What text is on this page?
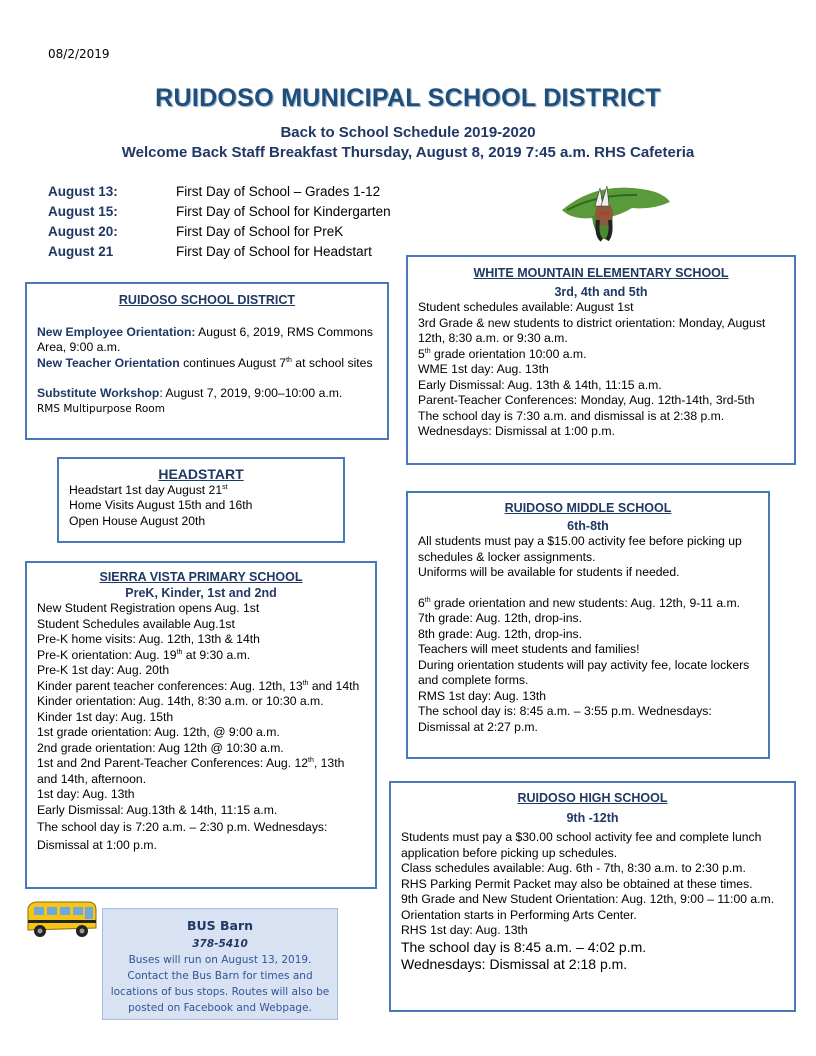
08/2/2019
RUIDOSO MUNICIPAL SCHOOL DISTRICT
Back to School Schedule 2019-2020
Welcome Back Staff Breakfast Thursday, August 8, 2019 7:45 a.m. RHS Cafeteria
August 13:	First Day of School – Grades 1-12
August 15:	First Day of School for Kindergarten
August 20:	First Day of School for PreK
August 21	First Day of School for Headstart

RUIDOSO SCHOOL DISTRICT

New Employee Orientation: August 6, 2019, RMS Commons Area, 9:00 a.m.

New Teacher Orientation continues August 7th at school sites

Substitute Workshop: August 7, 2019, 9:00–10:00 a.m.

RMS Multipurpose Room

HEADSTART

Headstart 1st day August 21st

Home Visits August 15th and 16th

Open House August 20th

SIERRA VISTA PRIMARY SCHOOL

PreK, Kinder, 1st and 2nd

New Student Registration opens Aug. 1st

Student Schedules available Aug.1st

Pre-K home visits: Aug. 12th, 13th & 14th

Pre-K orientation: Aug. 19th at 9:30 a.m.

Pre-K 1st day: Aug. 20th

Kinder parent teacher conferences: Aug. 12th, 13th and 14th

Kinder orientation: Aug. 14th, 8:30 a.m. or 10:30 a.m.

Kinder 1st day: Aug. 15th

1st grade orientation: Aug. 12th, @ 9:00 a.m.

2nd grade orientation: Aug 12th @ 10:30 a.m.

1st and 2nd Parent-Teacher Conferences: Aug. 12th, 13th and 14th, afternoon.

1st day: Aug. 13th

Early Dismissal: Aug.13th & 14th, 11:15 a.m.

The school day is 7:20 a.m. – 2:30 p.m. Wednesdays: Dismissal at 1:00 p.m.

BUS Barn
378-5410
Buses will run on August 13, 2019. Contact the Bus Barn for times and locations of bus stops. Routes will also be posted on Facebook and Webpage.

WHITE MOUNTAIN ELEMENTARY SCHOOL

3rd, 4th and 5th

Student schedules available: August 1st

3rd Grade & new students to district orientation: Monday, August 12th, 8:30 a.m. or 9:30 a.m.

5th grade orientation 10:00 a.m.

WME 1st day: Aug. 13th

Early Dismissal: Aug. 13th & 14th, 11:15 a.m.

Parent-Teacher Conferences: Monday, Aug. 12th-14th, 3rd-5th

The school day is 7:30 a.m. and dismissal is at 2:38 p.m.

Wednesdays: Dismissal at 1:00 p.m.

RUIDOSO MIDDLE SCHOOL

6th-8th

All students must pay a $15.00 activity fee before picking up schedules & locker assignments.

Uniforms will be available for students if needed.

6th grade orientation and new students: Aug. 12th, 9-11 a.m.

7th grade: Aug. 12th, drop-ins.

8th grade: Aug. 12th, drop-ins.

Teachers will meet students and families!

During orientation students will pay activity fee, locate lockers and complete forms.

RMS 1st day: Aug. 13th

The school day is: 8:45 a.m. – 3:55 p.m. Wednesdays: Dismissal at 2:27 p.m.

RUIDOSO HIGH SCHOOL

9th -12th

Students must pay a $30.00 school activity fee and complete lunch application before picking up schedules.

Class schedules available: Aug. 6th - 7th, 8:30 a.m. to 2:30 p.m.

RHS Parking Permit Packet may also be obtained at these times.

9th Grade and New Student Orientation: Aug. 12th, 9:00 – 11:00 a.m.

Orientation starts in Performing Arts Center.

RHS 1st day: Aug. 13th

The school day is 8:45 a.m. – 4:02 p.m.

Wednesdays: Dismissal at 2:18 p.m.
